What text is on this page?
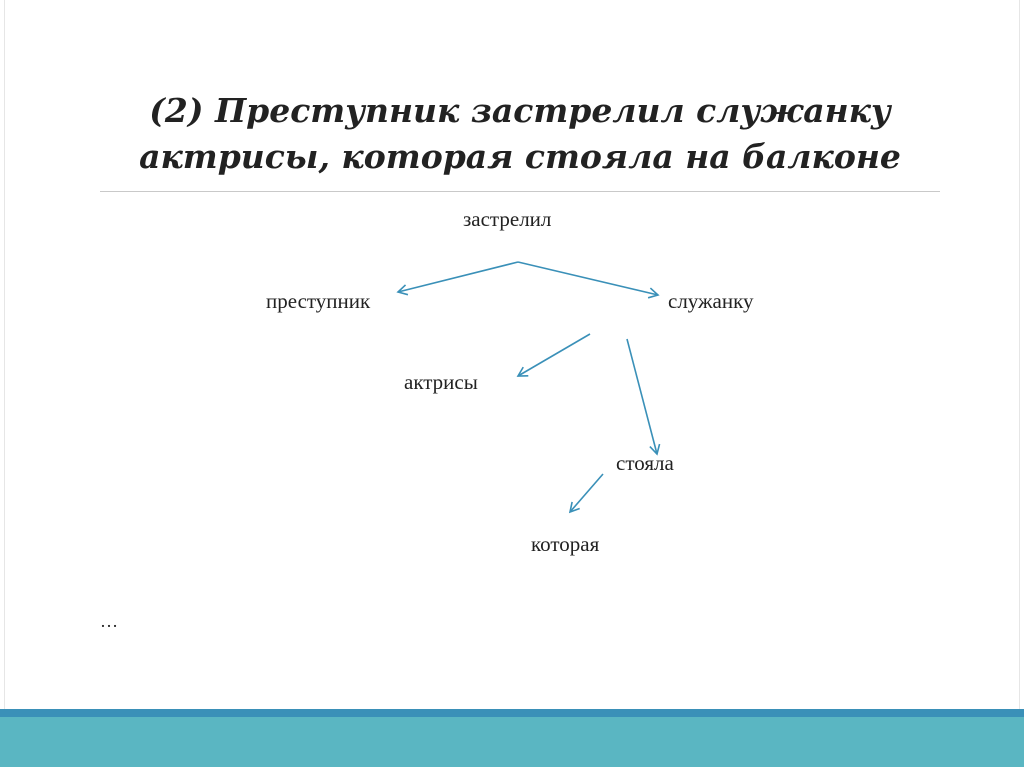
(2) Преступник застрелил служанку
актрисы, которая стояла на балконе
застрелил
преступник	служанку
актрисы
стояла
которая
…
